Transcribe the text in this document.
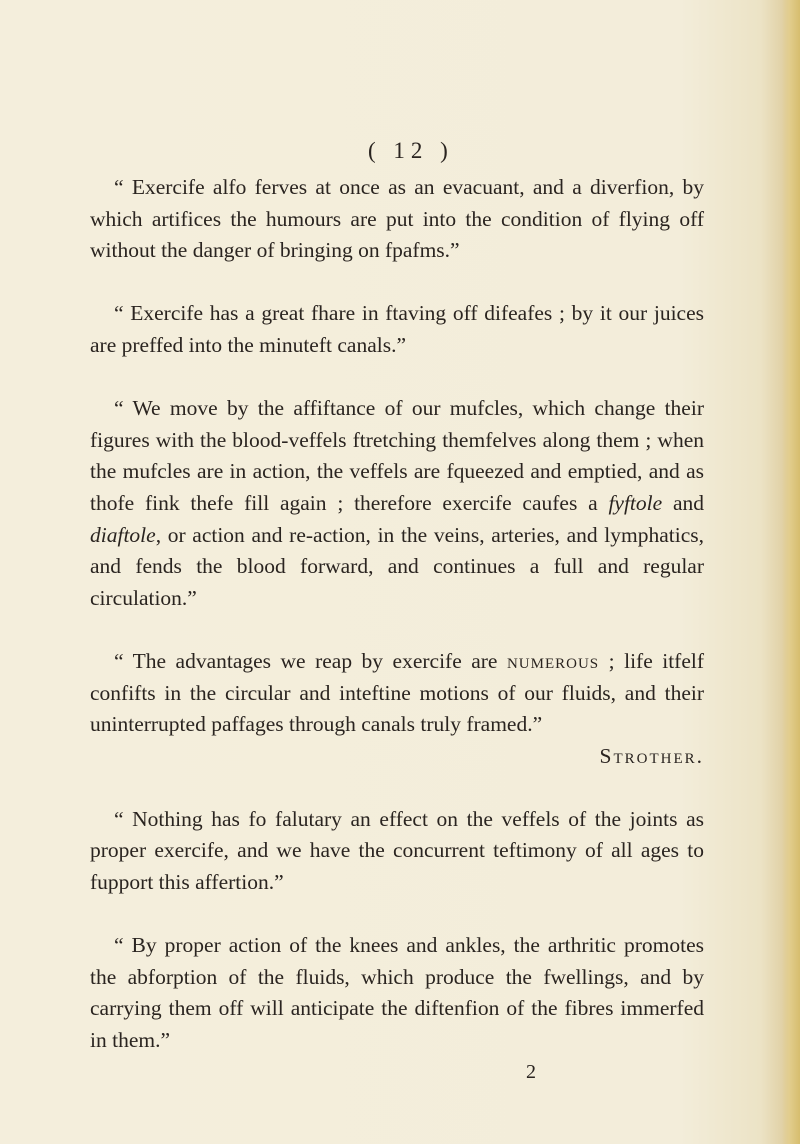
( 12 )

“ Exercife alfo ferves at once as an evacuant, and a diverfion, by which artifices the humours are put into the condition of flying off without the danger of bringing on fpafms.”

“ Exercife has a great fhare in ftaving off difeafes ; by it our juices are preffed into the minuteft canals.”

“ We move by the affiftance of our mufcles, which change their figures with the blood-veffels ftretching themfelves along them ; when the mufcles are in action, the veffels are fqueezed and emptied, and as thofe fink thefe fill again ; therefore exercife caufes a fyftole and diaftole, or action and re-action, in the veins, arteries, and lymphatics, and fends the blood forward, and continues a full and regular circulation.”

“ The advantages we reap by exercife are numerous ; life itfelf confifts in the circular and inteftine motions of our fluids, and their uninterrupted paffages through canals truly framed.”

Strother.

“ Nothing has fo falutary an effect on the veffels of the joints as proper exercife, and we have the concurrent teftimony of all ages to fupport this affertion.”

“ By proper action of the knees and ankles, the arthritic promotes the abforption of the fluids, which produce the fwellings, and by carrying them off will anticipate the diftenfion of the fibres immerfed in them.”

2
